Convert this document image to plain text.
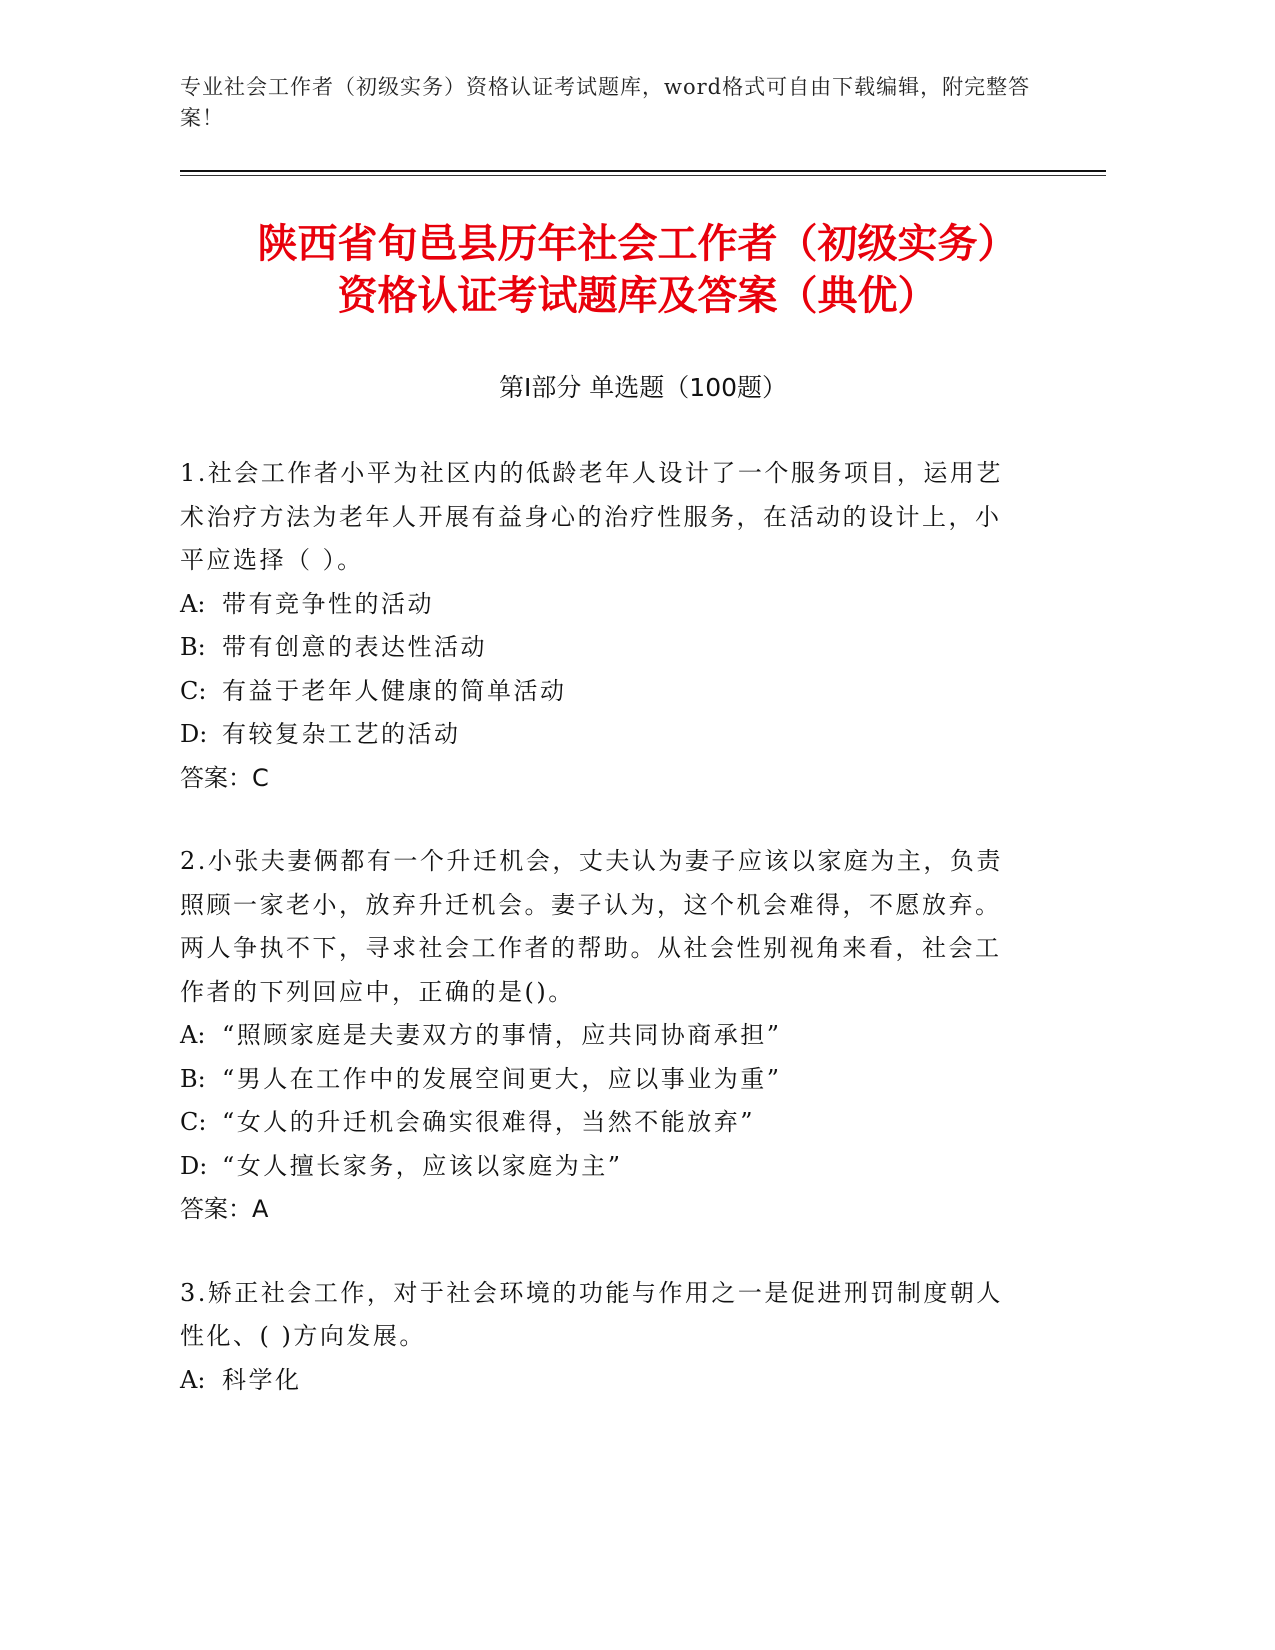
专业社会工作者（初级实务）资格认证考试题库，word格式可自由下载编辑，附完整答案！
陕西省旬邑县历年社会工作者（初级实务）
资格认证考试题库及答案（典优）
第Ⅰ部分 单选题（100题）
1.社会工作者小平为社区内的低龄老年人设计了一个服务项目，运用艺术治疗方法为老年人开展有益身心的治疗性服务，在活动的设计上，小平应选择（ ）。
A: 带有竞争性的活动
B: 带有创意的表达性活动
C: 有益于老年人健康的简单活动
D: 有较复杂工艺的活动
答案：C
2.小张夫妻俩都有一个升迁机会，丈夫认为妻子应该以家庭为主，负责照顾一家老小，放弃升迁机会。妻子认为，这个机会难得，不愿放弃。两人争执不下，寻求社会工作者的帮助。从社会性别视角来看，社会工作者的下列回应中，正确的是()。
A: “照顾家庭是夫妻双方的事情，应共同协商承担”
B: “男人在工作中的发展空间更大，应以事业为重”
C: “女人的升迁机会确实很难得，当然不能放弃”
D: “女人擅长家务，应该以家庭为主”
答案：A
3.矫正社会工作，对于社会环境的功能与作用之一是促进刑罚制度朝人性化、( )方向发展。
A: 科学化
